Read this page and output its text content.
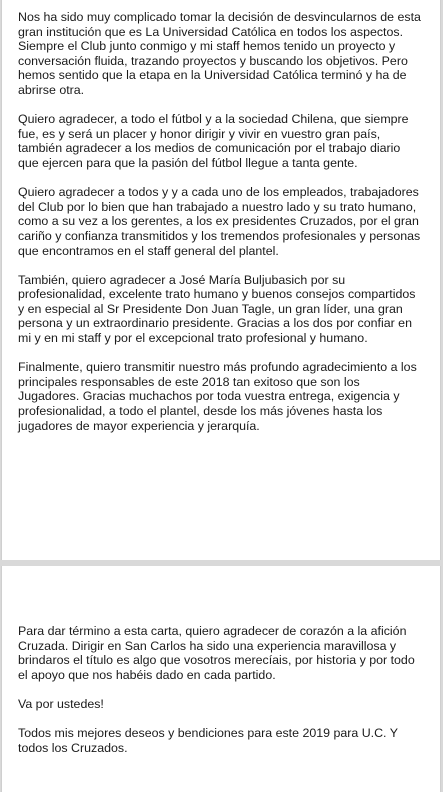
Nos ha sido muy complicado tomar la decisión de desvincularnos de esta gran institución que es La Universidad Católica en todos los aspectos. Siempre el Club junto conmigo y mi staff hemos tenido un proyecto y conversación fluida, trazando proyectos y buscando los objetivos. Pero hemos sentido que la etapa en la Universidad Católica terminó y ha de abrirse otra.

Quiero agradecer, a todo el fútbol y a la sociedad Chilena, que siempre fue, es y será un placer y honor dirigir y vivir en vuestro gran país, también agradecer a los medios de comunicación por el trabajo diario que ejercen para que la pasión del fútbol llegue a tanta gente.

Quiero agradecer a todos y y a cada uno de los empleados, trabajadores del Club por lo bien que han trabajado a nuestro lado y su trato humano, como a su vez a los gerentes, a los ex presidentes Cruzados, por el gran cariño y confianza transmitidos y los tremendos profesionales y personas que encontramos en el staff general del plantel.

También, quiero agradecer a José María Buljubasich por su profesionalidad, excelente trato humano y buenos consejos compartidos y en especial al Sr Presidente Don Juan Tagle, un gran líder, una gran persona y un extraordinario presidente. Gracias a los dos por confiar en mi y en mi staff y por el excepcional trato profesional y humano.

Finalmente, quiero transmitir nuestro más profundo agradecimiento a los principales responsables de este 2018 tan exitoso que son los Jugadores. Gracias muchachos por toda vuestra entrega, exigencia y profesionalidad, a todo el plantel, desde los más jóvenes hasta los jugadores de mayor experiencia y jerarquía.

Para dar término a esta carta, quiero agradecer de corazón a la afición Cruzada. Dirigir en San Carlos ha sido una experiencia maravillosa y brindaros el título es algo que vosotros merecíais, por historia y por todo el apoyo que nos habéis dado en cada partido.

Va por ustedes!

Todos mis mejores deseos y bendiciones para este 2019 para U.C. Y todos los Cruzados.
